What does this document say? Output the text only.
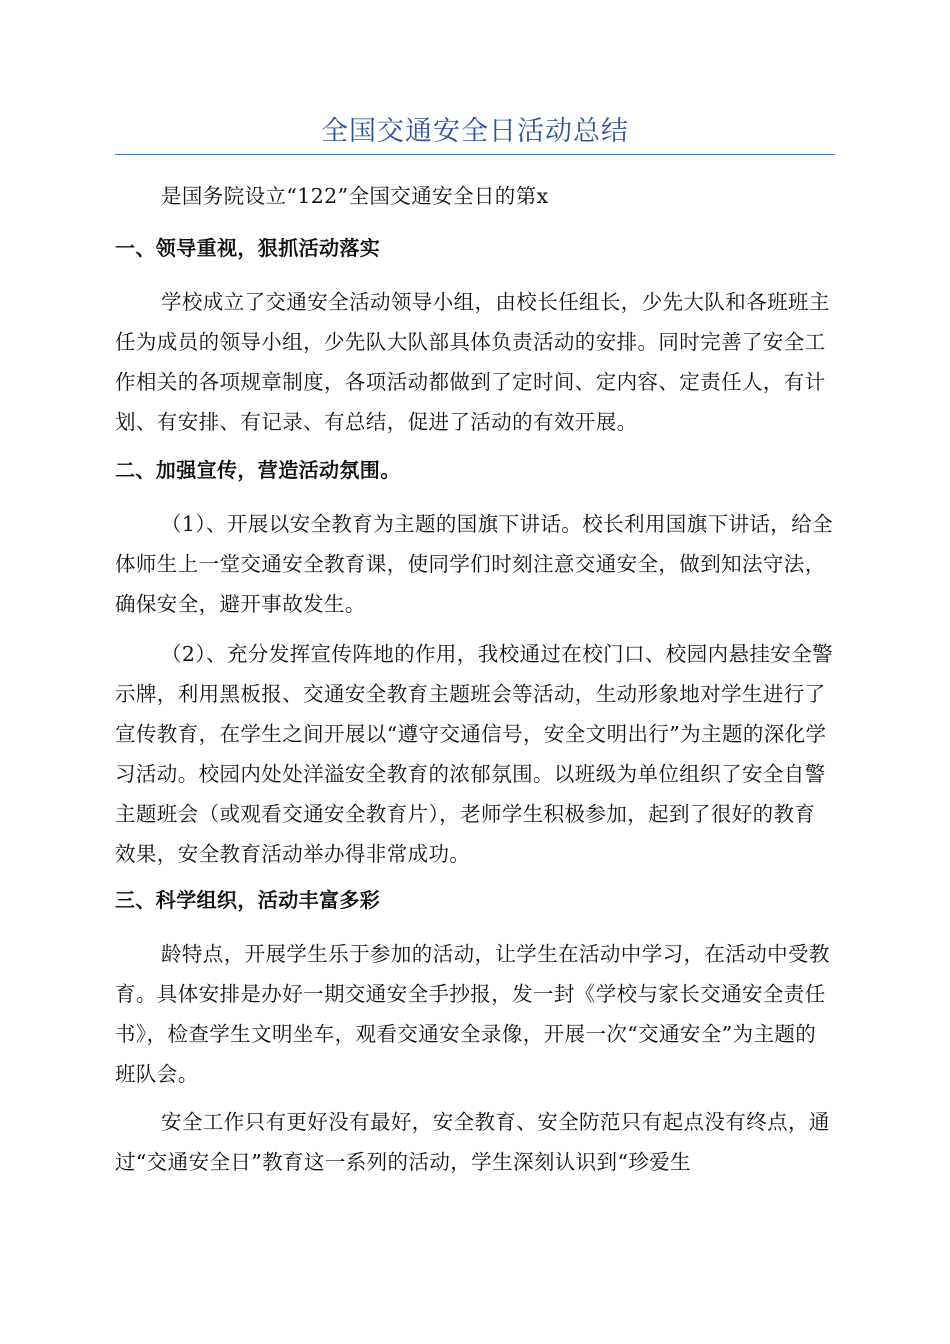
全国交通安全日活动总结

是国务院设立“122”全国交通安全日的第x

一、领导重视，狠抓活动落实

学校成立了交通安全活动领导小组，由校长任组长，少先大队和各班班主任为成员的领导小组，少先队大队部具体负责活动的安排。同时完善了安全工作相关的各项规章制度，各项活动都做到了定时间、定内容、定责任人，有计划、有安排、有记录、有总结，促进了活动的有效开展。

二、加强宣传，营造活动氛围。

（1）、开展以安全教育为主题的国旗下讲话。校长利用国旗下讲话，给全体师生上一堂交通安全教育课，使同学们时刻注意交通安全，做到知法守法，确保安全，避开事故发生。

（2）、充分发挥宣传阵地的作用，我校通过在校门口、校园内悬挂安全警示牌，利用黑板报、交通安全教育主题班会等活动，生动形象地对学生进行了宣传教育，在学生之间开展以“遵守交通信号，安全文明出行”为主题的深化学习活动。校园内处处洋溢安全教育的浓郁氛围。以班级为单位组织了安全自警主题班会（或观看交通安全教育片），老师学生积极参加，起到了很好的教育效果，安全教育活动举办得非常成功。

三、科学组织，活动丰富多彩

龄特点，开展学生乐于参加的活动，让学生在活动中学习，在活动中受教育。具体安排是办好一期交通安全手抄报，发一封《学校与家长交通安全责任书》，检查学生文明坐车，观看交通安全录像，开展一次“交通安全”为主题的班队会。

安全工作只有更好没有最好，安全教育、安全防范只有起点没有终点，通过“交通安全日”教育这一系列的活动，学生深刻认识到“珍爱生
